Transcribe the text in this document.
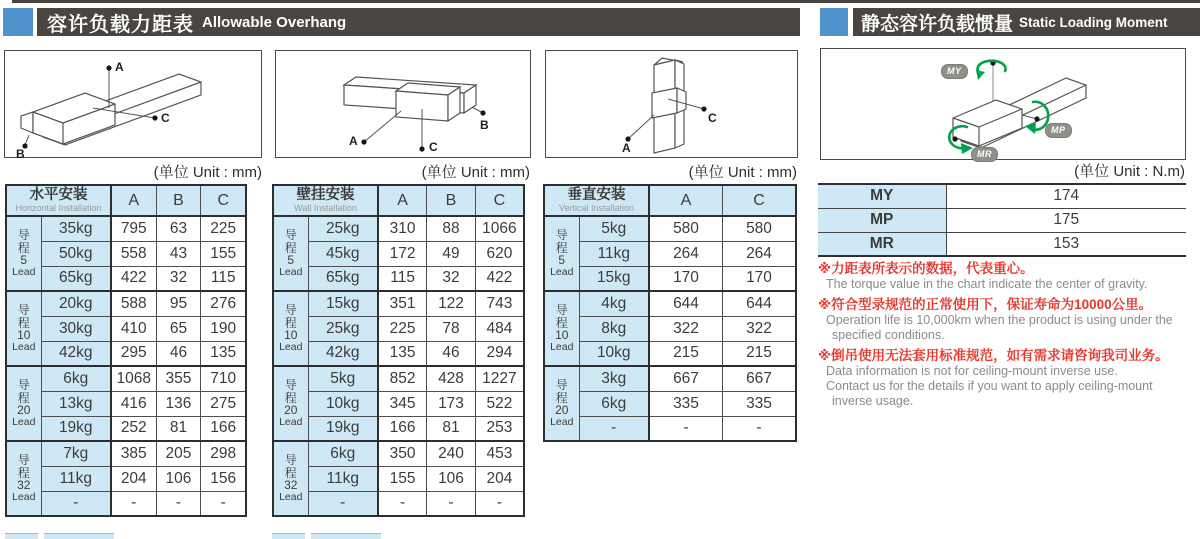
容许负载力距表 Allowable Overhang	静态容许负载惯量 Static Loading Moment
A
B
C
A
B
C	A
C
MY
MP
MR
(单位 Unit : mm)	(单位 Unit : mm)	(单位 Unit : mm)	(单位 Unit : N.m)
水平安装
Horizontal Installation		A	B	C

导
程
5
Lead	35kg	795	63	225
	50kg	558	43	155
	65kg	422	32	115

导
程
10
Lead	20kg	588	95	276
	30kg	410	65	190
	42kg	295	46	135

导
程
20
Lead	6kg	1068	355	710
	13kg	416	136	275
	19kg	252	81	166

导
程
32
Lead	7kg	385	205	298
	11kg	204	106	156
	-	-	-	-
壁挂安装
Wall Installation		A	B	C

导
程
5
Lead	25kg	310	88	1066
	45kg	172	49	620
	65kg	115	32	422

导
程
10
Lead	15kg	351	122	743
	25kg	225	78	484
	42kg	135	46	294

导
程
20
Lead	5kg	852	428	1227
	10kg	345	173	522
	19kg	166	81	253

导
程
32
Lead	6kg	350	240	453
	11kg	155	106	204
	-	-	-	-
垂直安装
Vertical Installation		A	C

导
程
5
Lead	5kg	580	580
	11kg	264	264
	15kg	170	170

导
程
10
Lead	4kg	644	644
	8kg	322	322
	10kg	215	215

导
程
20
Lead	3kg	667	667
	6kg	335	335
	-	-	-
MY	174
MP	175
MR	153
※力距表所表示的数据，代表重心。
The torque value in the chart indicate the center of gravity.
※符合型录规范的正常使用下，保证寿命为10000公里。
Operation life is 10,000km when the product is using under the
specified conditions.
※倒吊使用无法套用标准规范，如有需求请咨询我司业务。
Data information is not for ceiling-mount inverse use.
Contact us for the details if you want to apply ceiling-mount
inverse usage.
